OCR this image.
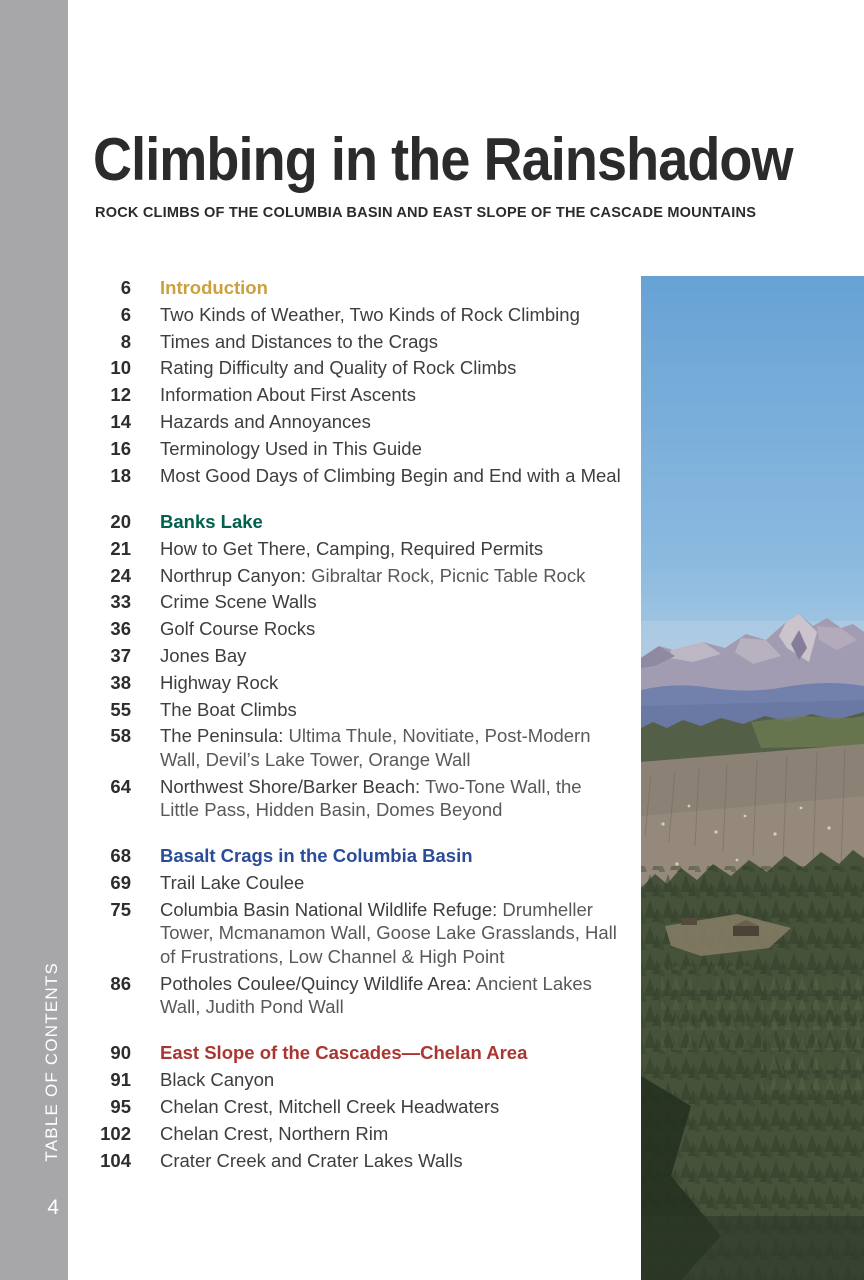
TABLE OF CONTENTS
4
Climbing in the Rainshadow
ROCK CLIMBS OF THE COLUMBIA BASIN AND EAST SLOPE OF THE CASCADE MOUNTAINS
6 Introduction
6 Two Kinds of Weather, Two Kinds of Rock Climbing
8 Times and Distances to the Crags
10 Rating Difficulty and Quality of Rock Climbs
12 Information About First Ascents
14 Hazards and Annoyances
16 Terminology Used in This Guide
18 Most Good Days of Climbing Begin and End with a Meal
20 Banks Lake
21 How to Get There, Camping, Required Permits
24 Northrup Canyon: Gibraltar Rock, Picnic Table Rock
33 Crime Scene Walls
36 Golf Course Rocks
37 Jones Bay
38 Highway Rock
55 The Boat Climbs
58 The Peninsula: Ultima Thule, Novitiate, Post-Modern Wall, Devil’s Lake Tower, Orange Wall
64 Northwest Shore/Barker Beach: Two-Tone Wall, the Little Pass, Hidden Basin, Domes Beyond
68 Basalt Crags in the Columbia Basin
69 Trail Lake Coulee
75 Columbia Basin National Wildlife Refuge: Drumheller Tower, Mcmanamon Wall, Goose Lake Grasslands, Hall of Frustrations, Low Channel & High Point
86 Potholes Coulee/Quincy Wildlife Area: Ancient Lakes Wall, Judith Pond Wall
90 East Slope of the Cascades—Chelan Area
91 Black Canyon
95 Chelan Crest, Mitchell Creek Headwaters
102 Chelan Crest, Northern Rim
104 Crater Creek and Crater Lakes Walls
